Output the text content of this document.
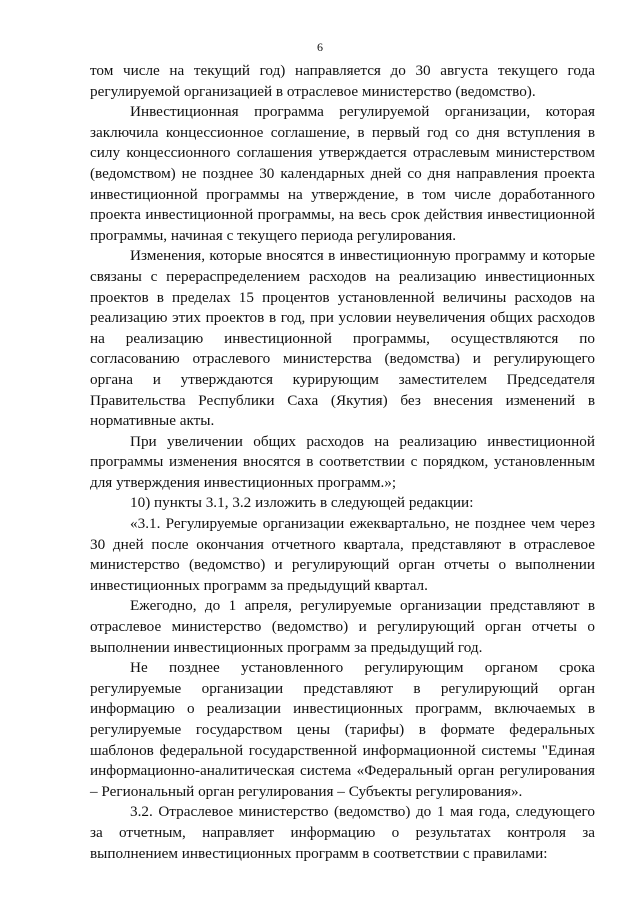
6

том числе на текущий год) направляется до 30 августа текущего года регулируемой организацией в отраслевое министерство (ведомство).

Инвестиционная программа регулируемой организации, которая заключила концессионное соглашение, в первый год со дня вступления в силу концессионного соглашения утверждается отраслевым министерством (ведомством) не позднее 30 календарных дней со дня направления проекта инвестиционной программы на утверждение, в том числе доработанного проекта инвестиционной программы, на весь срок действия инвестиционной программы, начиная с текущего периода регулирования.

Изменения, которые вносятся в инвестиционную программу и которые связаны с перераспределением расходов на реализацию инвестиционных проектов в пределах 15 процентов установленной величины расходов на реализацию этих проектов в год, при условии неувеличения общих расходов на реализацию инвестиционной программы, осуществляются по согласованию отраслевого министерства (ведомства) и регулирующего органа и утверждаются курирующим заместителем Председателя Правительства Республики Саха (Якутия) без внесения изменений в нормативные акты.

При увеличении общих расходов на реализацию инвестиционной программы изменения вносятся в соответствии с порядком, установленным для утверждения инвестиционных программ.»;

10) пункты 3.1, 3.2 изложить в следующей редакции:

«3.1. Регулируемые организации ежеквартально, не позднее чем через 30 дней после окончания отчетного квартала, представляют в отраслевое министерство (ведомство) и регулирующий орган отчеты о выполнении инвестиционных программ за предыдущий квартал.

Ежегодно, до 1 апреля, регулируемые организации представляют в отраслевое министерство (ведомство) и регулирующий орган отчеты о выполнении инвестиционных программ за предыдущий год.

Не позднее установленного регулирующим органом срока регулируемые организации представляют в регулирующий орган информацию о реализации инвестиционных программ, включаемых в регулируемые государством цены (тарифы) в формате федеральных шаблонов федеральной государственной информационной системы "Единая информационно-аналитическая система «Федеральный орган регулирования – Региональный орган регулирования – Субъекты регулирования».

3.2. Отраслевое министерство (ведомство) до 1 мая года, следующего за отчетным, направляет информацию о результатах контроля за выполнением инвестиционных программ в соответствии с правилами:
